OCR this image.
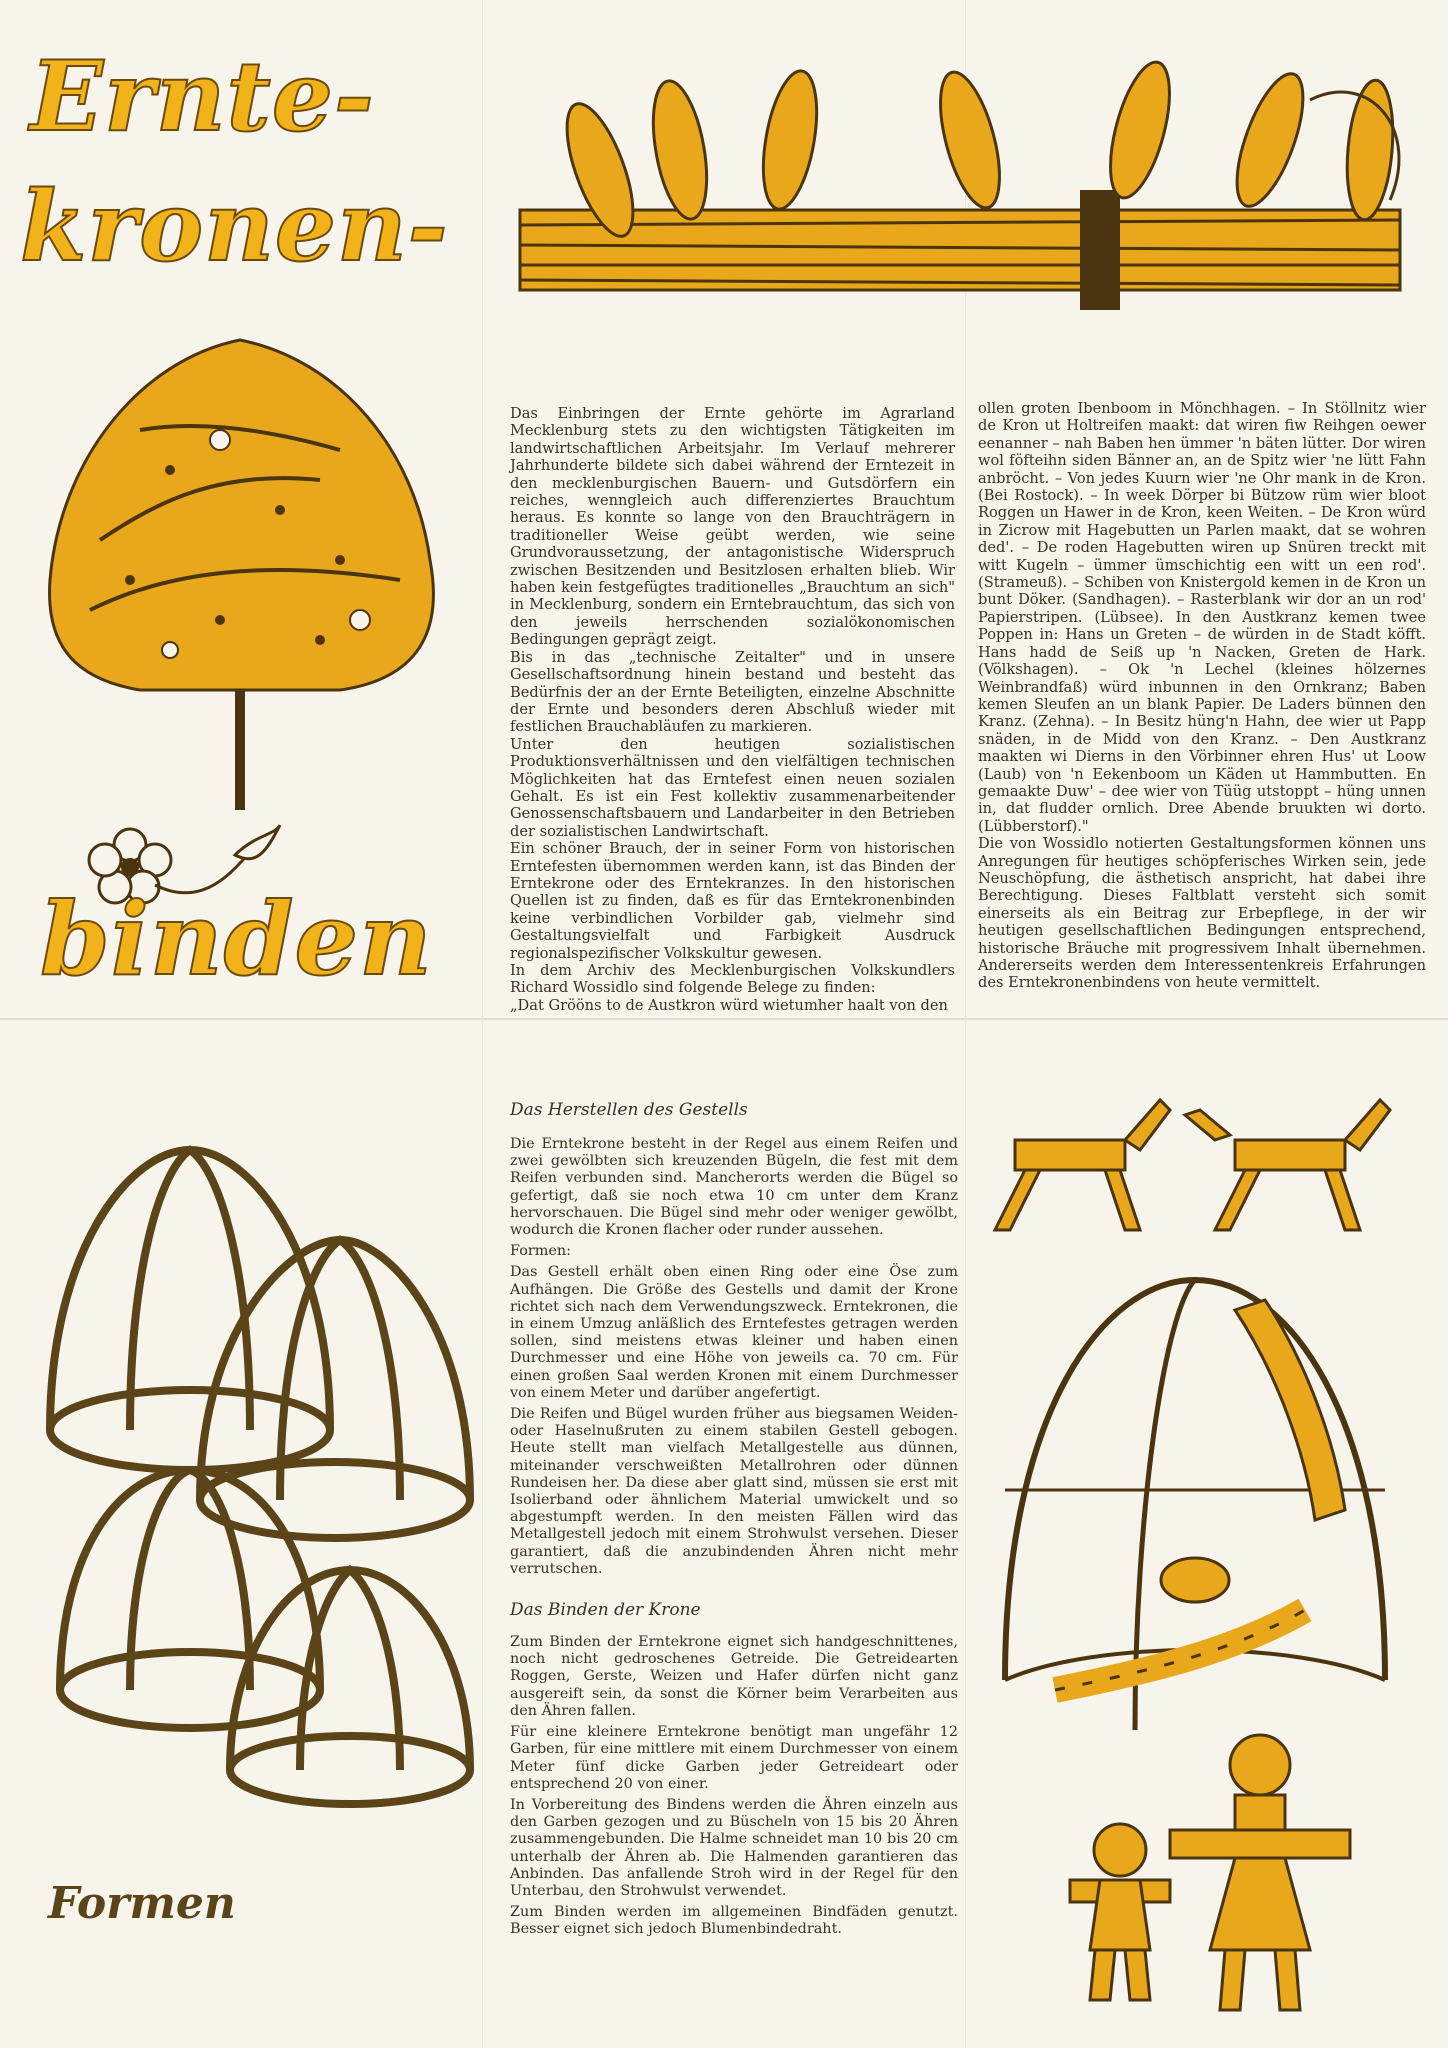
Ernte-
kronen-
binden

Das Einbringen der Ernte gehörte im Agrarland Mecklenburg stets zu den wichtigsten Tätigkeiten im landwirtschaftlichen Arbeitsjahr. Im Verlauf mehrerer Jahrhunderte bildete sich dabei während der Erntezeit in den mecklenburgischen Bauern- und Gutsdörfern ein reiches, wenngleich auch differenziertes Brauchtum heraus. Es konnte so lange von den Brauchträgern in traditioneller Weise geübt werden, wie seine Grundvoraussetzung, der antagonistische Widerspruch zwischen Besitzenden und Besitzlosen erhalten blieb. Wir haben kein festgefügtes traditionelles „Brauchtum an sich" in Mecklenburg, sondern ein Erntebrauchtum, das sich von den jeweils herrschenden sozialökonomischen Bedingungen geprägt zeigt.

Bis in das „technische Zeitalter" und in unsere Gesellschaftsordnung hinein bestand und besteht das Bedürfnis der an der Ernte Beteiligten, einzelne Abschnitte der Ernte und besonders deren Abschluß wieder mit festlichen Brauchabläufen zu markieren.

Unter den heutigen sozialistischen Produktionsverhältnissen und den vielfältigen technischen Möglichkeiten hat das Erntefest einen neuen sozialen Gehalt. Es ist ein Fest kollektiv zusammenarbeitender Genossenschaftsbauern und Landarbeiter in den Betrieben der sozialistischen Landwirtschaft.

Ein schöner Brauch, der in seiner Form von historischen Erntefesten übernommen werden kann, ist das Binden der Erntekrone oder des Erntekranzes. In den historischen Quellen ist zu finden, daß es für das Erntekronenbinden keine verbindlichen Vorbilder gab, vielmehr sind Gestaltungsvielfalt und Farbigkeit Ausdruck regionalspezifischer Volkskultur gewesen.

In dem Archiv des Mecklenburgischen Volkskundlers Richard Wossidlo sind folgende Belege zu finden:

„Dat Grööns to de Austkron würd wietumher haalt von den

ollen groten Ibenboom in Mönchhagen. – In Stöllnitz wier de Kron ut Holtreifen maakt: dat wiren fiw Reihgen oewer eenanner – nah Baben hen ümmer 'n bäten lütter. Dor wiren wol föfteihn siden Bänner an, an de Spitz wier 'ne lütt Fahn anbröcht. – Von jedes Kuurn wier 'ne Ohr mank in de Kron. (Bei Rostock). – In week Dörper bi Bützow rüm wier bloot Roggen un Hawer in de Kron, keen Weiten. – De Kron würd in Zicrow mit Hagebutten un Parlen maakt, dat se wohren ded'. – De roden Hagebutten wiren up Snüren treckt mit witt Kugeln – ümmer ümschichtig een witt un een rod'. (Strameuß). – Schiben von Knistergold kemen in de Kron un bunt Döker. (Sandhagen). – Rasterblank wir dor an un rod' Papierstripen. (Lübsee). In den Austkranz kemen twee Poppen in: Hans un Greten – de würden in de Stadt köfft. Hans hadd de Seiß up 'n Nacken, Greten de Hark. (Völkshagen). – Ok 'n Lechel (kleines hölzernes Weinbrandfaß) würd inbunnen in den Ornkranz; Baben kemen Sleufen an un blank Papier. De Laders bünnen den Kranz. (Zehna). – In Besitz hüng'n Hahn, dee wier ut Papp snäden, in de Midd von den Kranz. – Den Austkranz maakten wi Dierns in den Vörbinner ehren Hus' ut Loow (Laub) von 'n Eekenboom un Käden ut Hammbutten. En gemaakte Duw' – dee wier von Tüüg utstoppt – hüng unnen in, dat fludder ornlich. Dree Abende bruukten wi dorto. (Lübberstorf)."

Die von Wossidlo notierten Gestaltungsformen können uns Anregungen für heutiges schöpferisches Wirken sein, jede Neuschöpfung, die ästhetisch anspricht, hat dabei ihre Berechtigung. Dieses Faltblatt versteht sich somit einerseits als ein Beitrag zur Erbepflege, in der wir heutigen gesellschaftlichen Bedingungen entsprechend, historische Bräuche mit progressivem Inhalt übernehmen. Andererseits werden dem Interessentenkreis Erfahrungen des Erntekronenbindens von heute vermittelt.

Formen
Das Herstellen des Gestells

Die Erntekrone besteht in der Regel aus einem Reifen und zwei gewölbten sich kreuzenden Bügeln, die fest mit dem Reifen verbunden sind. Mancherorts werden die Bügel so gefertigt, daß sie noch etwa 10 cm unter dem Kranz hervorschauen. Die Bügel sind mehr oder weniger gewölbt, wodurch die Kronen flacher oder runder aussehen.

Formen:

Das Gestell erhält oben einen Ring oder eine Öse zum Aufhängen. Die Größe des Gestells und damit der Krone richtet sich nach dem Verwendungszweck. Erntekronen, die in einem Umzug anläßlich des Erntefestes getragen werden sollen, sind meistens etwas kleiner und haben einen Durchmesser und eine Höhe von jeweils ca. 70 cm. Für einen großen Saal werden Kronen mit einem Durchmesser von einem Meter und darüber angefertigt.

Die Reifen und Bügel wurden früher aus biegsamen Weiden- oder Haselnußruten zu einem stabilen Gestell gebogen. Heute stellt man vielfach Metallgestelle aus dünnen, miteinander verschweißten Metallrohren oder dünnen Rundeisen her. Da diese aber glatt sind, müssen sie erst mit Isolierband oder ähnlichem Material umwickelt und so abgestumpft werden. In den meisten Fällen wird das Metallgestell jedoch mit einem Strohwulst versehen. Dieser garantiert, daß die anzubindenden Ähren nicht mehr verrutschen.

Das Binden der Krone

Zum Binden der Erntekrone eignet sich handgeschnittenes, noch nicht gedroschenes Getreide. Die Getreidearten Roggen, Gerste, Weizen und Hafer dürfen nicht ganz ausgereift sein, da sonst die Körner beim Verarbeiten aus den Ähren fallen.

Für eine kleinere Erntekrone benötigt man ungefähr 12 Garben, für eine mittlere mit einem Durchmesser von einem Meter fünf dicke Garben jeder Getreideart oder entsprechend 20 von einer.

In Vorbereitung des Bindens werden die Ähren einzeln aus den Garben gezogen und zu Büscheln von 15 bis 20 Ähren zusammengebunden. Die Halme schneidet man 10 bis 20 cm unterhalb der Ähren ab. Die Halmenden garantieren das Anbinden. Das anfallende Stroh wird in der Regel für den Unterbau, den Strohwulst verwendet.

Zum Binden werden im allgemeinen Bindfäden genutzt. Besser eignet sich jedoch Blumenbindedraht.
